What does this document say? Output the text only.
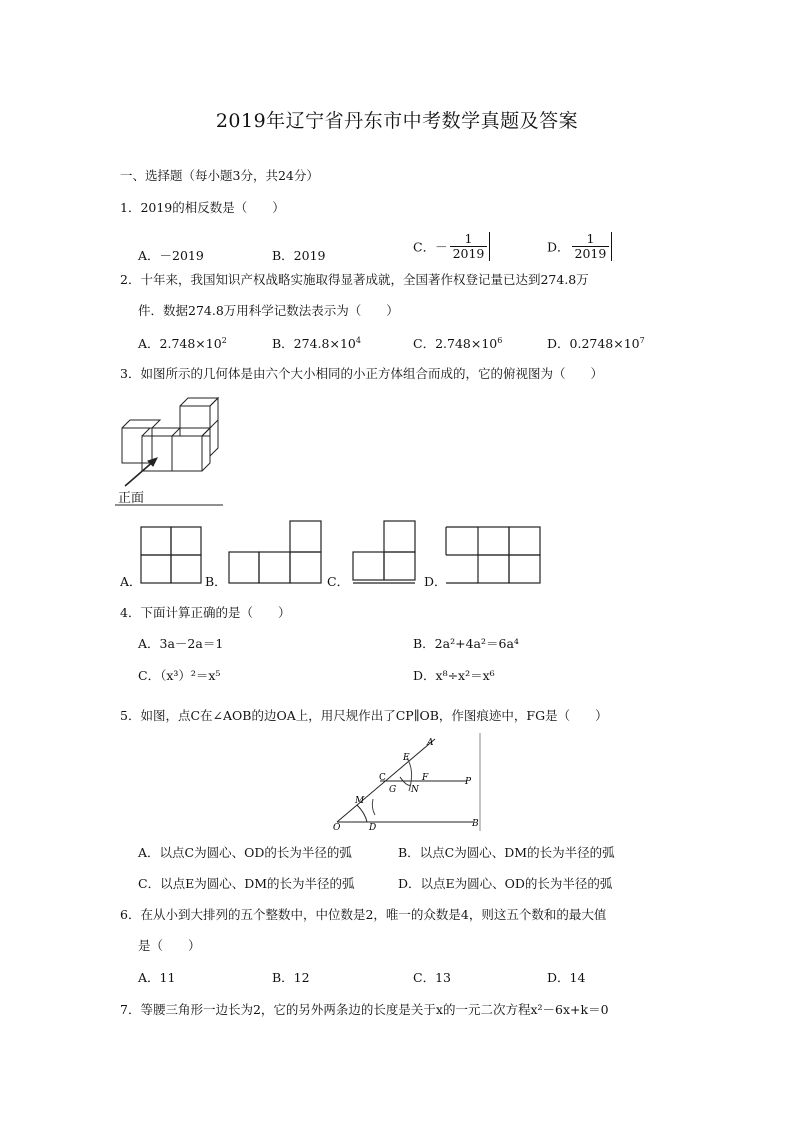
2019年辽宁省丹东市中考数学真题及答案
一、选择题（每小题3分，共24分）
1．2019的相反数是（　　）
A．－2019	B．2019
C．－ $\frac{1}{2019}$	D． $\frac{1}{2019}$
2．十年来，我国知识产权战略实施取得显著成就，全国著作权登记量已达到274.8万
件．数据274.8万用科学记数法表示为（　　）
A．$2.748\times 10^2$	B．$274.8\times 10^4$	C．$2.748\times 10^6$	D．$0.2748\times 10^7$
3．如图所示的几何体是由六个大小相同的小正方体组合而成的，它的俯视图为（　　）
正面
A．	B．	C．	D．
4．下面计算正确的是（　　）
A．3a－2a＝1	B．2a²+4a²＝6a⁴
C．（x³）²＝x⁵	D．x⁸÷x²＝x⁶
5．如图，点C在∠AOB的边OA上，用尺规作出了CP∥OB，作图痕迹中，FG是（　　）
A
E
C	F	P
G N
M
O	D	B
A．以点C为圆心、OD的长为半径的弧	B．以点C为圆心、DM的长为半径的弧
C．以点E为圆心、DM的长为半径的弧	D．以点E为圆心、OD的长为半径的弧
6．在从小到大排列的五个整数中，中位数是2，唯一的众数是4，则这五个数和的最大值
是（　　）
A．11	B．12	C．13	D．14
7．等腰三角形一边长为2，它的另外两条边的长度是关于x的一元二次方程x²－6x+k＝0
